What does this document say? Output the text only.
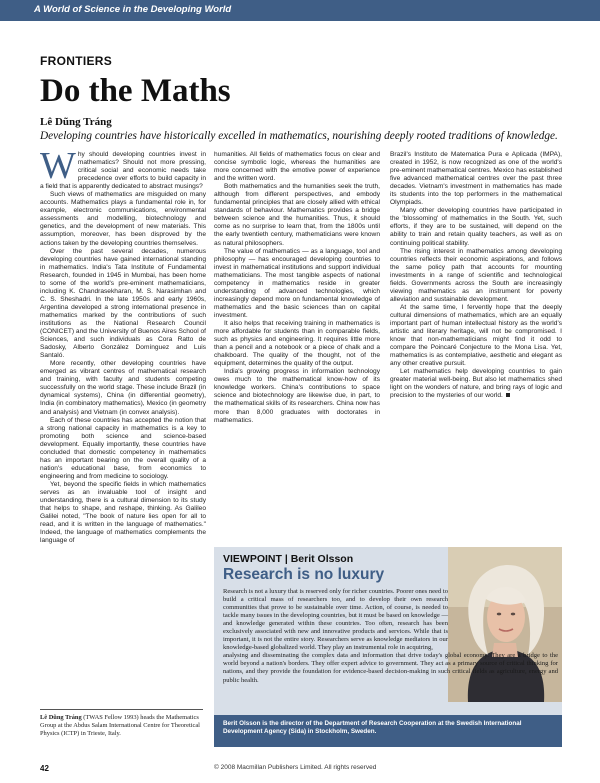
A World of Science in the Developing World
FRONTIERS
Do the Maths
Lê Dũng Tráng
Developing countries have historically excelled in mathematics, nourishing deeply rooted traditions of knowledge.

Why should developing countries invest in mathematics? Should not more pressing, critical social and economic needs take precedence over efforts to build capacity in a field that is apparently dedicated to abstract musings?

Such views of mathematics are misguided on many accounts. Mathematics plays a fundamental role in, for example, electronic communications, environmental assessments and modelling, biotechnology and genetics, and the development of new materials. This assumption, moreover, has been disproved by the actions taken by the developing countries themselves.

Over the past several decades, numerous developing countries have gained international standing in mathematics. India's Tata Institute of Fundamental Research, founded in 1945 in Mumbai, has been home to some of the world's pre-eminent mathematicians, including K. Chandrasekharan, M. S. Narasimhan and C. S. Sheshadri. In the late 1950s and early 1960s, Argentina developed a strong international presence in mathematics marked by the contributions of such institutions as the National Research Council (CONICET) and the University of Buenos Aires School of Sciences, and such individuals as Cora Ratto de Sadosky, Alberto González Domínguez and Luis Santaló.

More recently, other developing countries have emerged as vibrant centres of mathematical research and training, with faculty and students competing successfully on the world stage. These include Brazil (in dynamical systems), China (in differential geometry), India (in combinatory mathematics), Mexico (in geometry and analysis) and Vietnam (in convex analysis).

Each of these countries has accepted the notion that a strong national capacity in mathematics is a key to promoting both science and science-based development. Equally importantly, these countries have concluded that domestic competency in mathematics has an important bearing on the overall quality of a nation's educational base, from economics to engineering and from medicine to sociology.

Yet, beyond the specific fields in which mathematics serves as an invaluable tool of insight and understanding, there is a cultural dimension to its study that helps to shape, and reshape, thinking. As Galileo Galilei noted, "The book of nature lies open for all to read, and it is written in the language of mathematics." Indeed, the language of mathematics complements the language of

humanities. All fields of mathematics focus on clear and concise symbolic logic, whereas the humanities are more concerned with the emotive power of experience and the written word.

Both mathematics and the humanities seek the truth, although from different perspectives, and embody fundamental principles that are closely allied with ethical standards of behaviour. Mathematics provides a bridge between science and the humanities. Thus, it should come as no surprise to learn that, from the 1800s until the early twentieth century, mathematicians were known as natural philosophers.

The value of mathematics — as a language, tool and philosophy — has encouraged developing countries to invest in mathematical institutions and support individual mathematicians. The most tangible aspects of national competency in mathematics reside in greater understanding of advanced technologies, which increasingly depend more on fundamental knowledge of mathematics and the basic sciences than on capital investment.

It also helps that receiving training in mathematics is more affordable for students than in comparable fields, such as physics and engineering. It requires little more than a pencil and a notebook or a piece of chalk and a chalkboard. The quality of the thought, not of the equipment, determines the quality of the output.

India's growing progress in information technology owes much to the mathematical know-how of its knowledge workers. China's contributions to space science and biotechnology are likewise due, in part, to the mathematical skills of its researchers. China now has more than 8,000 graduates with doctorates in mathematics.

Brazil's Instituto de Matematica Pura e Aplicada (IMPA), created in 1952, is now recognized as one of the world's pre-eminent mathematical centres. Mexico has established five advanced mathematical centres over the past three decades. Vietnam's investment in mathematics has made its students into the top performers in the mathematical Olympiads.

Many other developing countries have participated in the 'blossoming' of mathematics in the South. Yet, such efforts, if they are to be sustained, will depend on the ability to train and retain quality teachers, as well as on continuing political stability.

The rising interest in mathematics among developing countries reflects their economic aspirations, and follows the same policy path that accounts for mounting investments in a range of scientific and technological fields. Governments across the South are increasingly viewing mathematics as an instrument for poverty alleviation and sustainable development.

At the same time, I fervently hope that the deeply cultural dimensions of mathematics, which are an equally important part of human intellectual history as the world's artistic and literary heritage, will not be compromised. I know that non-mathematicians might find it odd to compare the Poincaré Conjecture to the Mona Lisa. Yet, mathematics is as contemplative, aesthetic and elegant as any other creative pursuit.

Let mathematics help developing countries to gain greater material well-being. But also let mathematics shed light on the wonders of nature, and bring rays of logic and precision to the mysteries of our world.

Lê Dũng Tráng (TWAS Fellow 1993) heads the Mathematics Group at the Abdus Salam International Centre for Theoretical Physics (ICTP) in Trieste, Italy.
VIEWPOINT | Berit Olsson
Research is no luxury

Research is not a luxury that is reserved only for richer countries. Poorer ones need to build a critical mass of researchers too, and to develop their own research communities that prove to be sustainable over time. Action, of course, is needed to tackle many issues in the developing countries, but it must be based on knowledge — and knowledge generated within these countries. Too often, research has been exclusively associated with new and innovative products and services. While that is important, it is not the entire story. Researchers serve as knowledge mediators in our knowledge-based globalized world. They play an instrumental role in acquiring,

analysing and disseminating the complex data and information that drive today's global economy. They are a bridge to the world beyond a nation's borders. They offer expert advice to government. They act as a primary source of critical thinking for nations, and they provide the foundation for evidence-based decision-making in such critical fields as agriculture, energy and public health.

Berit Olsson is the director of the Department of Research Cooperation at the Swedish International Development Agency (Sida) in Stockholm, Sweden.

42	© 2008 Macmillan Publishers Limited. All rights reserved
